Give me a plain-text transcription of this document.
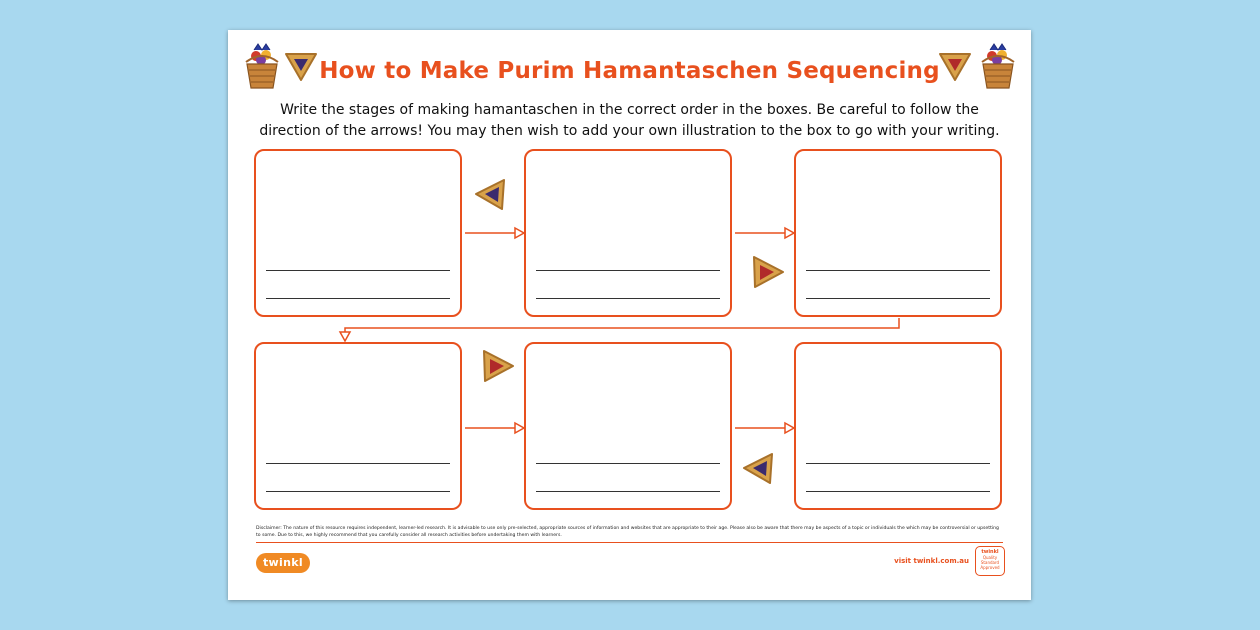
How to Make Purim Hamantaschen Sequencing
Write the stages of making hamantaschen in the correct order in the boxes. Be careful to follow the direction of the arrows! You may then wish to add your own illustration to the box to go with your writing.
Disclaimer: The nature of this resource requires independent, learner-led research. It is advisable to use only pre-selected, appropriate sources of information and websites that are appropriate to their age. Please also be aware that there may be aspects of a topic or individuals the which may be controversial or upsetting to some. Due to this, we highly recommend that you carefully consider all research activities before undertaking them with learners.
twinkl	visit twinkl.com.au
twinkl
Quality Standard Approved
